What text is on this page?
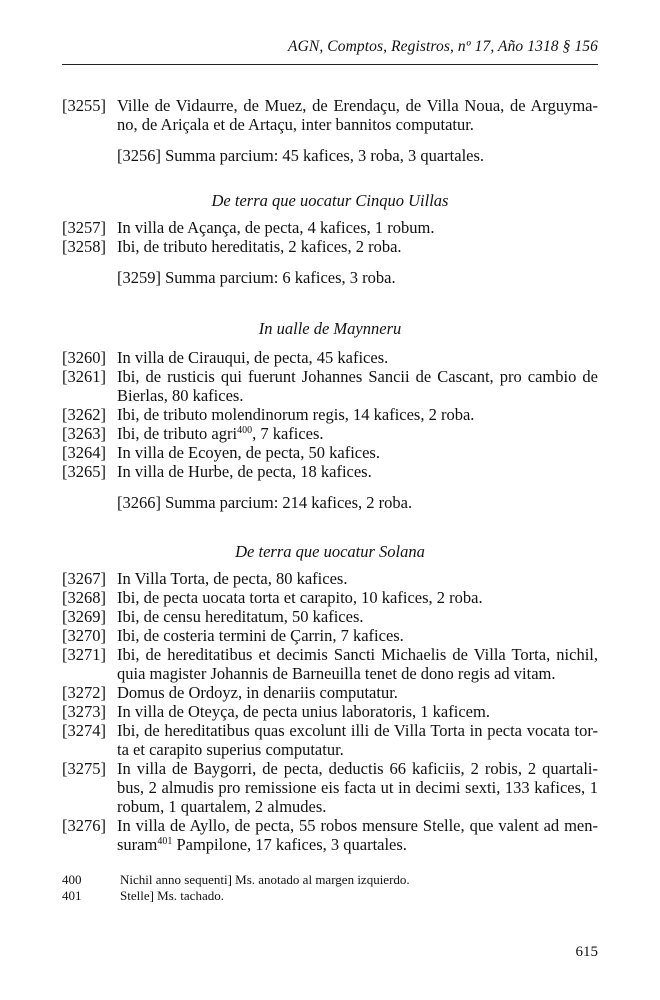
AGN, Comptos, Registros, nº 17, Año 1318 § 156

[3255] Ville de Vidaurre, de Muez, de Erendaçu, de Villa Noua, de Arguyma-no, de Ariçala et de Artaçu, inter bannitos computatur.

[3256] Summa parcium: 45 kafices, 3 roba, 3 quartales.

De terra que uocatur Cinquo Uillas

[3257] In villa de Açança, de pecta, 4 kafices, 1 robum.

[3258] Ibi, de tributo hereditatis, 2 kafices, 2 roba.

[3259] Summa parcium: 6 kafices, 3 roba.

In ualle de Maynneru

[3260] In villa de Cirauqui, de pecta, 45 kafices.

[3261] Ibi, de rusticis qui fuerunt Johannes Sancii de Cascant, pro cambio de Bierlas, 80 kafices.

[3262] Ibi, de tributo molendinorum regis, 14 kafices, 2 roba.

[3263] Ibi, de tributo agri$^{400}$, 7 kafices.

[3264] In villa de Ecoyen, de pecta, 50 kafices.

[3265] In villa de Hurbe, de pecta, 18 kafices.

[3266] Summa parcium: 214 kafices, 2 roba.

De terra que uocatur Solana

[3267] In Villa Torta, de pecta, 80 kafices.

[3268] Ibi, de pecta uocata torta et carapito, 10 kafices, 2 roba.

[3269] Ibi, de censu hereditatum, 50 kafices.

[3270] Ibi, de costeria termini de Çarrin, 7 kafices.

[3271] Ibi, de hereditatibus et decimis Sancti Michaelis de Villa Torta, nichil, quia magister Johannis de Barneuilla tenet de dono regis ad vitam.

[3272] Domus de Ordoyz, in denariis computatur.

[3273] In villa de Oteyça, de pecta unius laboratoris, 1 kaficem.

[3274] Ibi, de hereditatibus quas excolunt illi de Villa Torta in pecta vocata tor-ta et carapito superius computatur.

[3275] In villa de Baygorri, de pecta, deductis 66 kaficiis, 2 robis, 2 quartali-bus, 2 almudis pro remissione eis facta ut in decimi sexti, 133 kafices, 1 robum, 1 quartalem, 2 almudes.

[3276] In villa de Ayllo, de pecta, 55 robos mensure Stelle, que valent ad men-suram$^{401}$ Pampilone, 17 kafices, 3 quartales.

400	Nichil anno sequenti] Ms. anotado al margen izquierdo.
401	Stelle] Ms. tachado.
615
